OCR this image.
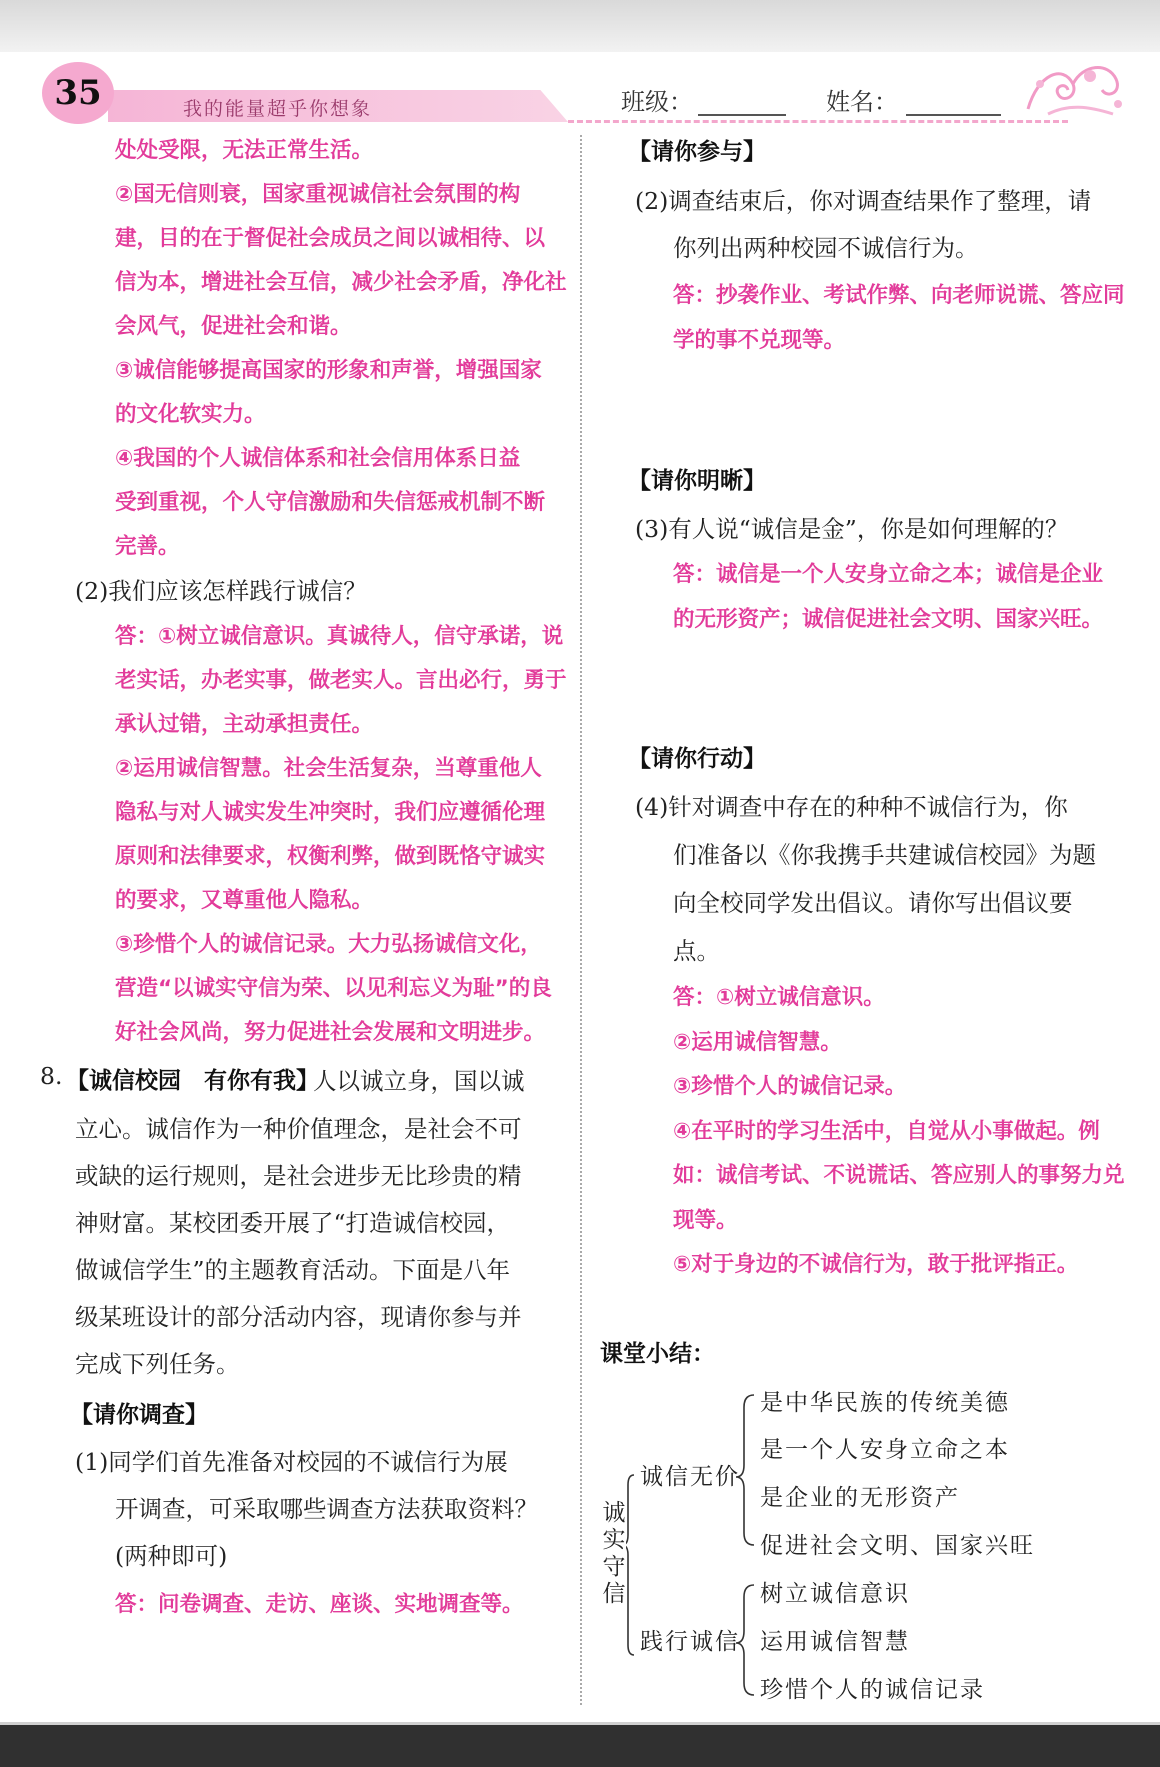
35	我的能量超乎你想象	班级：	姓名：
处处受限，无法正常生活。
②国无信则衰，国家重视诚信社会氛围的构
建，目的在于督促社会成员之间以诚相待、以
信为本，增进社会互信，减少社会矛盾，净化社
会风气，促进社会和谐。
③诚信能够提高国家的形象和声誉，增强国家
的文化软实力。
④我国的个人诚信体系和社会信用体系日益
受到重视，个人守信激励和失信惩戒机制不断
完善。
(2)我们应该怎样践行诚信？
答：①树立诚信意识。真诚待人，信守承诺，说
老实话，办老实事，做老实人。言出必行，勇于
承认过错，主动承担责任。
②运用诚信智慧。社会生活复杂，当尊重他人
隐私与对人诚实发生冲突时，我们应遵循伦理
原则和法律要求，权衡利弊，做到既恪守诚实
的要求，又尊重他人隐私。
③珍惜个人的诚信记录。大力弘扬诚信文化，
营造“以诚实守信为荣、以见利忘义为耻”的良
好社会风尚，努力促进社会发展和文明进步。
8. 【诚信校园　有你有我】
人以诚立身，国以诚
立心。诚信作为一种价值理念，是社会不可
或缺的运行规则，是社会进步无比珍贵的精
神财富。某校团委开展了“打造诚信校园，
做诚信学生”的主题教育活动。下面是八年
级某班设计的部分活动内容，现请你参与并
完成下列任务。
【请你调查】
(1)同学们首先准备对校园的不诚信行为展
开调查，可采取哪些调查方法获取资料？
(两种即可)
答：问卷调查、走访、座谈、实地调查等。
【请你参与】
(2)调查结束后，你对调查结果作了整理，请
你列出两种校园不诚信行为。
答：抄袭作业、考试作弊、向老师说谎、答应同
学的事不兑现等。
【请你明晰】
(3)有人说“诚信是金”，你是如何理解的？
答：诚信是一个人安身立命之本；诚信是企业
的无形资产；诚信促进社会文明、国家兴旺。
【请你行动】
(4)针对调查中存在的种种不诚信行为，你
们准备以《你我携手共建诚信校园》为题
向全校同学发出倡议。请你写出倡议要
点。
答：①树立诚信意识。
②运用诚信智慧。
③珍惜个人的诚信记录。
④在平时的学习生活中，自觉从小事做起。例
如：诚信考试、不说谎话、答应别人的事努力兑
现等。
⑤对于身边的不诚信行为，敢于批评指正。
课堂小结：
诚实守信
诚信无价
是中华民族的传统美德
是一个人安身立命之本
是企业的无形资产
促进社会文明、国家兴旺
践行诚信
树立诚信意识
运用诚信智慧
珍惜个人的诚信记录
